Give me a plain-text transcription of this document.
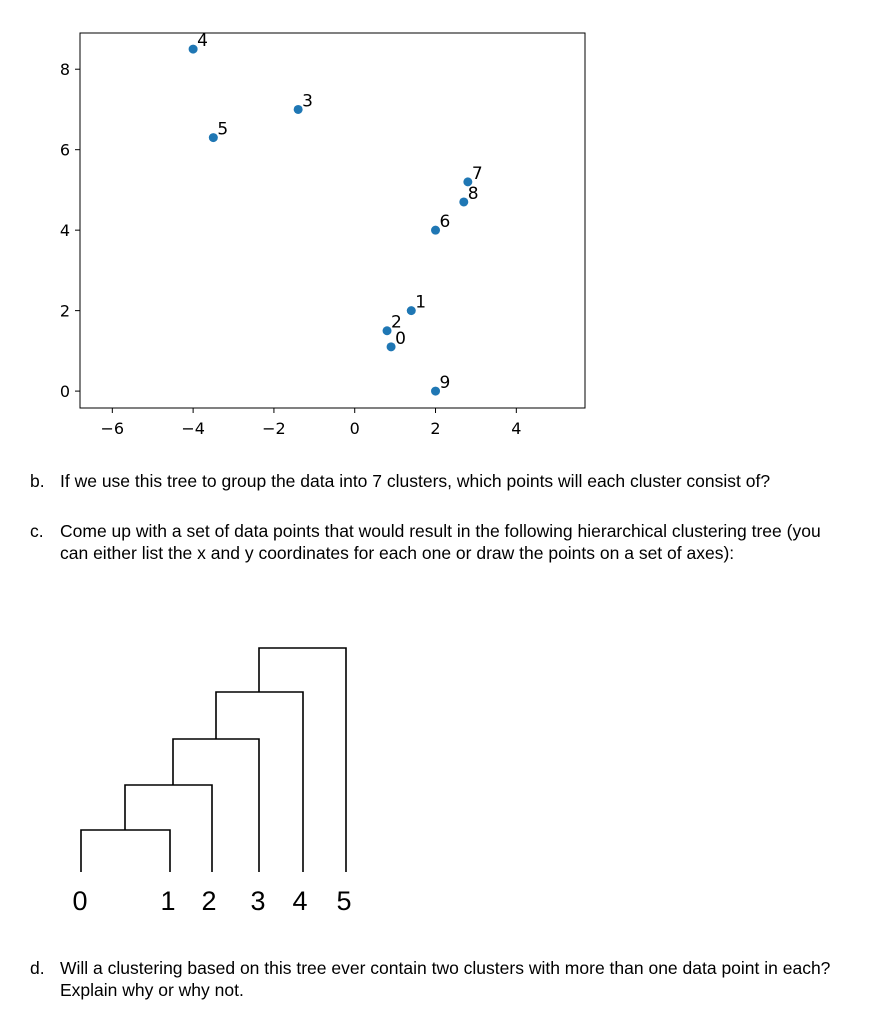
−6	−4	−2	0	2	4
0
2
4
6
8
0
1
2
3
4
5
6
7
8
9
b. If we use this tree to group the data into 7 clusters, which points will each cluster consist of?
c. Come up with a set of data points that would result in the following hierarchical clustering tree (you can either list the x and y coordinates for each one or draw the points on a set of axes):
0	1 2 3 4 5
d. Will a clustering based on this tree ever contain two clusters with more than one data point in each? Explain why or why not.
